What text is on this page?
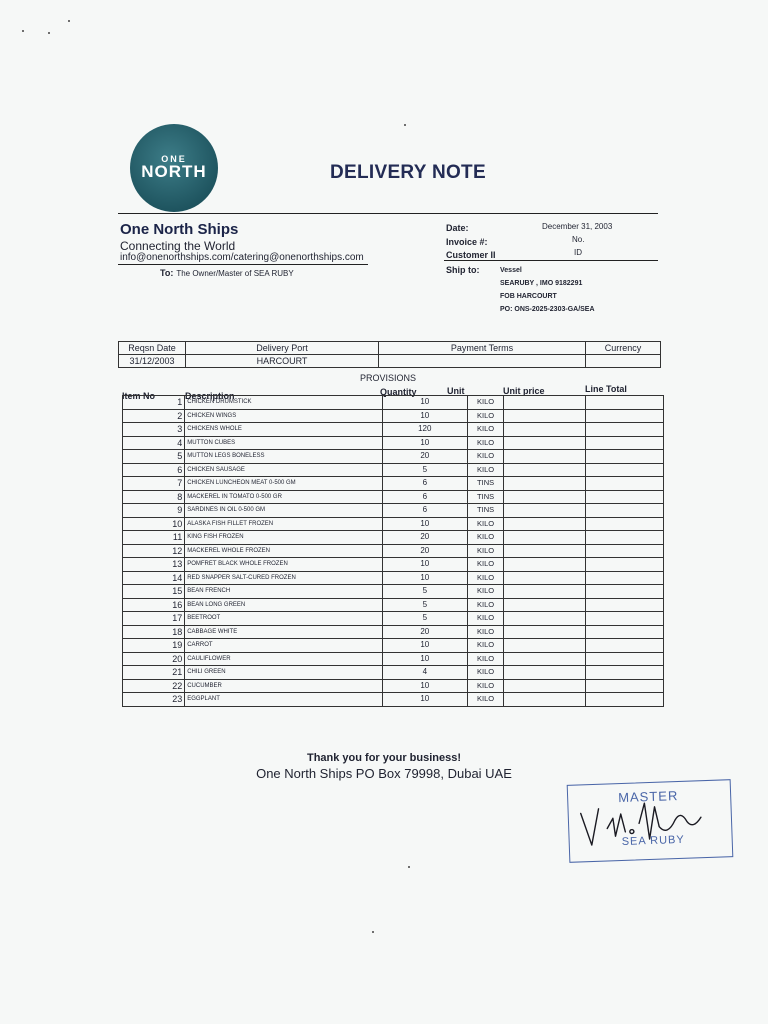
ONE
NORTH	DELIVERY NOTE
One North Ships
Connecting the World
info@onenorthships.com/catering@onenorthships.com
To: The Owner/Master of SEA RUBY
Date:	December 31, 2003
Invoice #:	No.
Customer II	ID
Ship to:	Vessel
SEARUBY , IMO 9182291
FOB HARCOURT
PO: ONS-2025-2303-GA/SEA
Reqsn Date	Delivery Port	Payment Terms	Currency
31/12/2003	HARCOURT		
PROVISIONS
Item No	Description	Quantity	Unit	Unit price	Line Total
1	CHICKEN DRUMSTICK	10	KILO		
2	CHICKEN WINGS	10	KILO		
3	CHICKENS WHOLE	120	KILO		
4	MUTTON CUBES	10	KILO		
5	MUTTON LEGS BONELESS	20	KILO		
6	CHICKEN SAUSAGE	5	KILO		
7	CHICKEN LUNCHEON MEAT 0-500 GM	6	TINS		
8	MACKEREL IN TOMATO 0-500 GR	6	TINS		
9	SARDINES IN OIL 0-500 GM	6	TINS		
10	ALASKA FISH FILLET FROZEN	10	KILO		
11	KING FISH FROZEN	20	KILO		
12	MACKEREL WHOLE FROZEN	20	KILO		
13	POMFRET BLACK WHOLE FROZEN	10	KILO		
14	RED SNAPPER SALT-CURED FROZEN	10	KILO		
15	BEAN FRENCH	5	KILO		
16	BEAN LONG GREEN	5	KILO		
17	BEETROOT	5	KILO		
18	CABBAGE WHITE	20	KILO		
19	CARROT	10	KILO		
20	CAULIFLOWER	10	KILO		
21	CHILI GREEN	4	KILO		
22	CUCUMBER	10	KILO		
23	EGGPLANT	10	KILO		
Thank you for your business!
One North Ships PO Box 79998, Dubai UAE
MASTER
SEA RUBY
